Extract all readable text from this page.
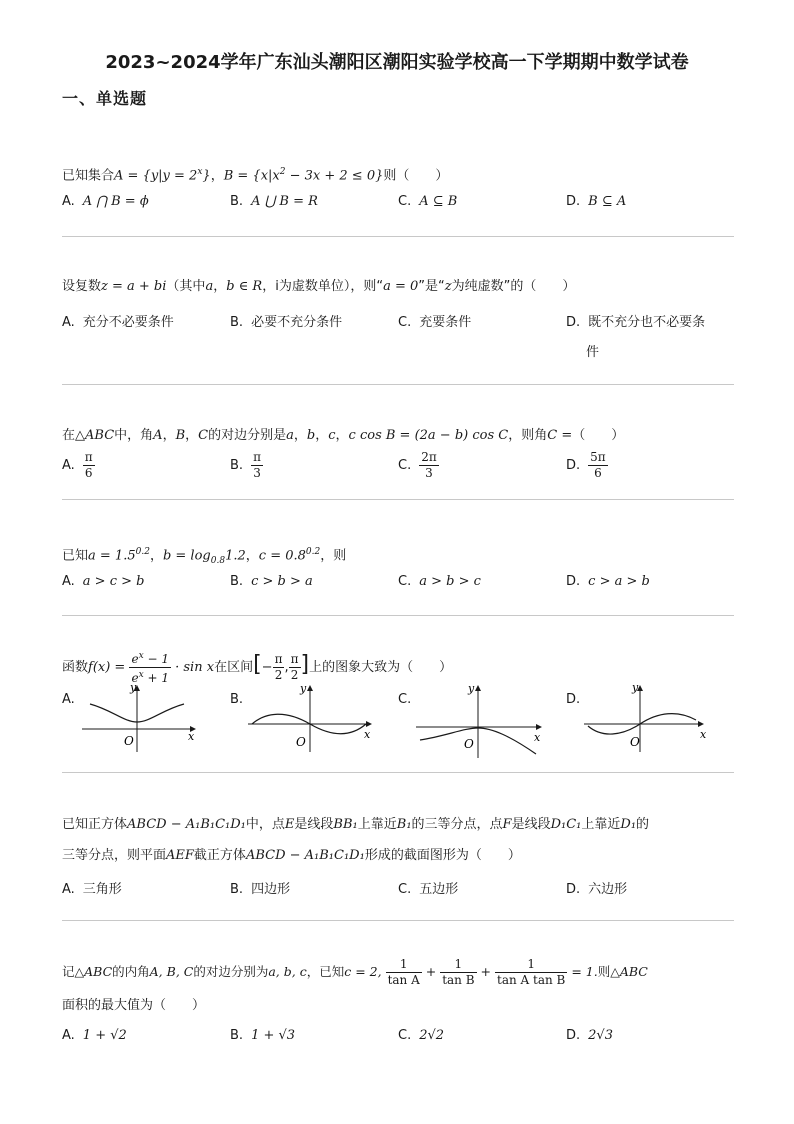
2023~2024学年广东汕头潮阳区潮阳实验学校高一下学期期中数学试卷
一、单选题
已知集合$A = \{y|y = 2^x\}$，$B = \{x|x^2 - 3x + 2 \le 0\}$则（　　）
A. A ⋂ B = ϕ	B. A ⋃ B = R	C. A ⊆ B	D. B ⊆ A
设复数z = a + bi（其中a，b ∈ R，i为虚数单位），则“a = 0”是“z为纯虚数”的（　　）
A. 充分不必要条件	B. 必要不充分条件	C. 充要条件	D. 既不充分也不必要条
件
在△ABC中，角A，B，C的对边分别是a，b，c，c cos B = (2a − b) cos C，则角C =（　　）
A. $\frac{\pi}{6}$	B. $\frac{\pi}{3}$	C. $\frac{2\pi}{3}$	D. $\frac{5\pi}{6}$
已知$a = 1.5^{0.2}$，$b = \log_{0.8}1.2$，$c = 0.8^{0.2}$，则
A. a > c > b	B. c > b > a	C. a > b > c	D. c > a > b
函数$f(x) = \frac{e^x - 1}{e^x + 1} \cdot \sin x$在区间[− $\frac{\pi}{2}$ , $\frac{\pi}{2}$ ]上的图象大致为（　　）
A.	B.	C.	D.
y
x
O
y
x
O
y
x
O
y
x
O
已知正方体ABCD − A₁B₁C₁D₁中，点E是线段BB₁上靠近B₁的三等分点，点F是线段D₁C₁上靠近D₁的
三等分点，则平面AEF截正方体ABCD − A₁B₁C₁D₁形成的截面图形为（　　）
A. 三角形	B. 四边形	C. 五边形	D. 六边形
记△ABC的内角A, B, C的对边分别为a, b, c，已知c = 2, $\frac{1}{\text{tan A}} + \frac{1}{\text{tan B}} + \frac{1}{\text{tan A tan B}} = 1$.则△ABC
面积的最大值为（　　）
A. 1 + √2	B. 1 + √3	C. 2√2	D. 2√3
